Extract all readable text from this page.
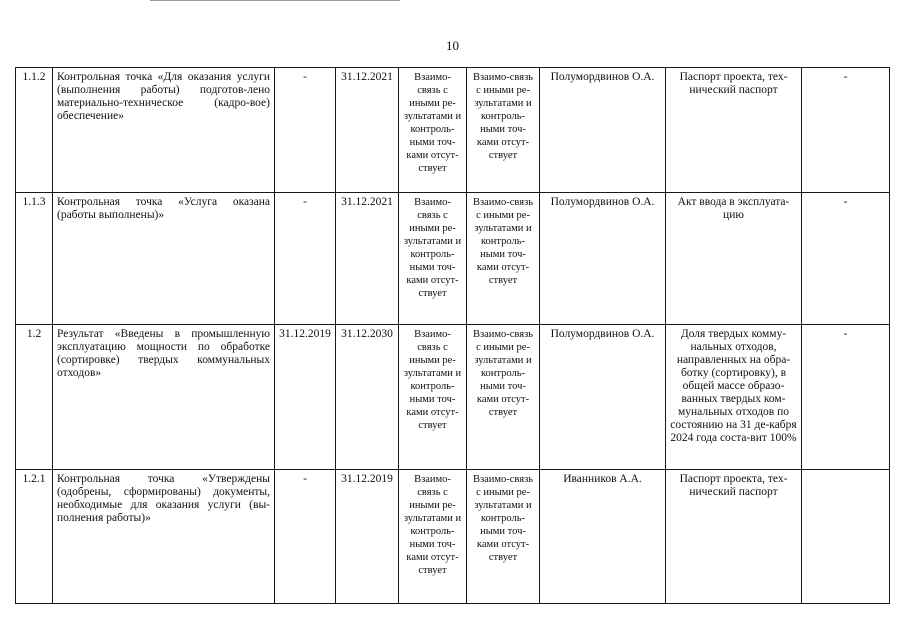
10
1.1.2	Контрольная точка «Для оказания услуги (выполнения работы) подготов-лено материально-техническое (кадро-вое) обеспечение»	-	31.12.2021	Взаимо-связь с иными ре-зультатами и контроль-ными точ-ками отсут-ствует	Взаимо-связь с иными ре-зультатами и контроль-ными точ-ками отсут-ствует	Полумордвинов О.А.	Паспорт проекта, тех-нический паспорт	-
1.1.3	Контрольная точка «Услуга оказана (работы выполнены)»	-	31.12.2021	Взаимо-связь с иными ре-зультатами и контроль-ными точ-ками отсут-ствует	Взаимо-связь с иными ре-зультатами и контроль-ными точ-ками отсут-ствует	Полумордвинов О.А.	Акт ввода в эксплуата-цию	-
1.2	Результат «Введены в промышленную эксплуатацию мощности по обработке (сортировке) твердых коммунальных отходов»	31.12.2019	31.12.2030	Взаимо-связь с иными ре-зультатами и контроль-ными точ-ками отсут-ствует	Взаимо-связь с иными ре-зультатами и контроль-ными точ-ками отсут-ствует	Полумордвинов О.А.	Доля твердых комму-нальных отходов, направленных на обра-ботку (сортировку), в общей массе образо-ванных твердых ком-мунальных отходов по состоянию на 31 де-кабря 2024 года соста-вит 100%	-
1.2.1	Контрольная точка «Утверждены (одобрены, сформированы) документы, необходимые для оказания услуги (вы-полнения работы)»	-	31.12.2019	Взаимо-связь с иными ре-зультатами и контроль-ными точ-ками отсут-ствует	Взаимо-связь с иными ре-зультатами и контроль-ными точ-ками отсут-ствует	Иванников А.А.	Паспорт проекта, тех-нический паспорт	
